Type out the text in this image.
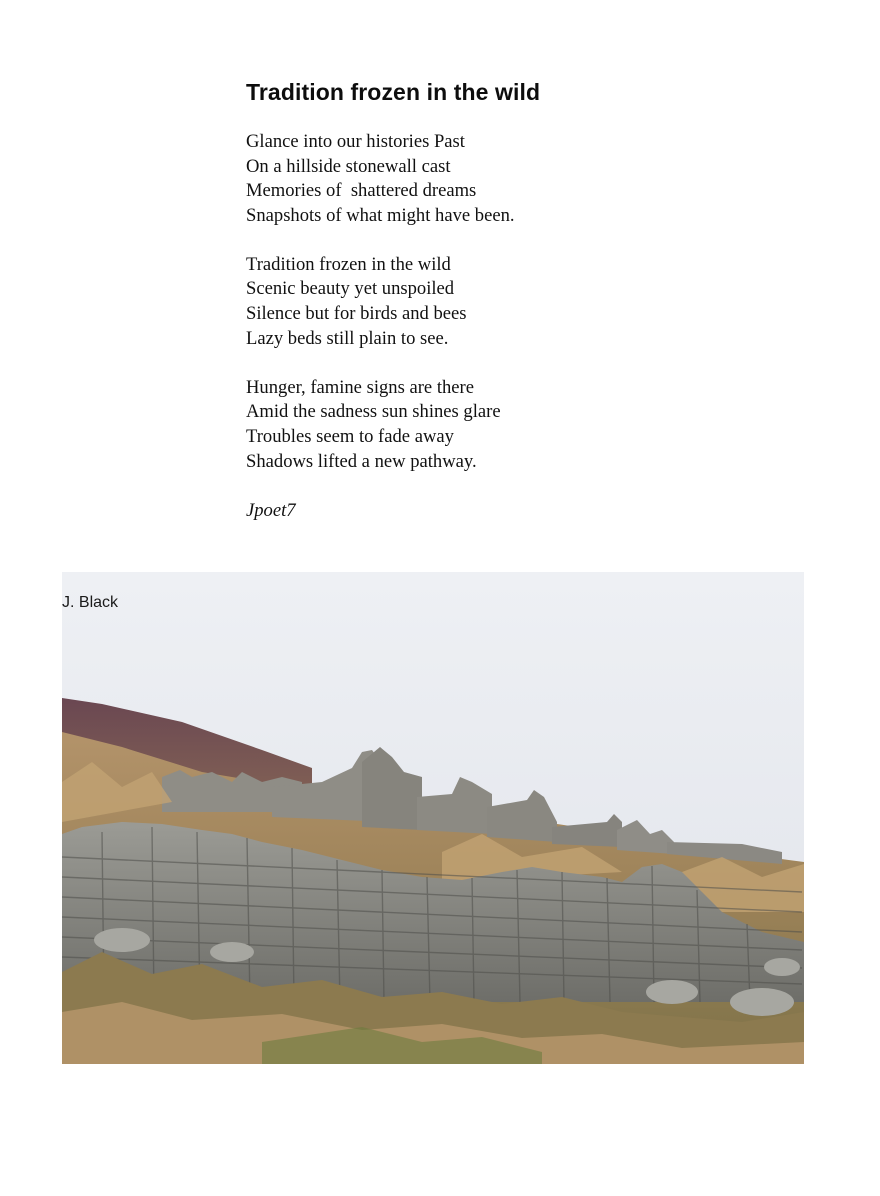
Tradition frozen in the wild
Glance into our histories Past
On a hillside stonewall cast
Memories of  shattered dreams
Snapshots of what might have been.
Tradition frozen in the wild
Scenic beauty yet unspoiled
Silence but for birds and bees
Lazy beds still plain to see.
Hunger, famine signs are there
Amid the sadness sun shines glare
Troubles seem to fade away
Shadows lifted a new pathway.
Jpoet7
J. Black
